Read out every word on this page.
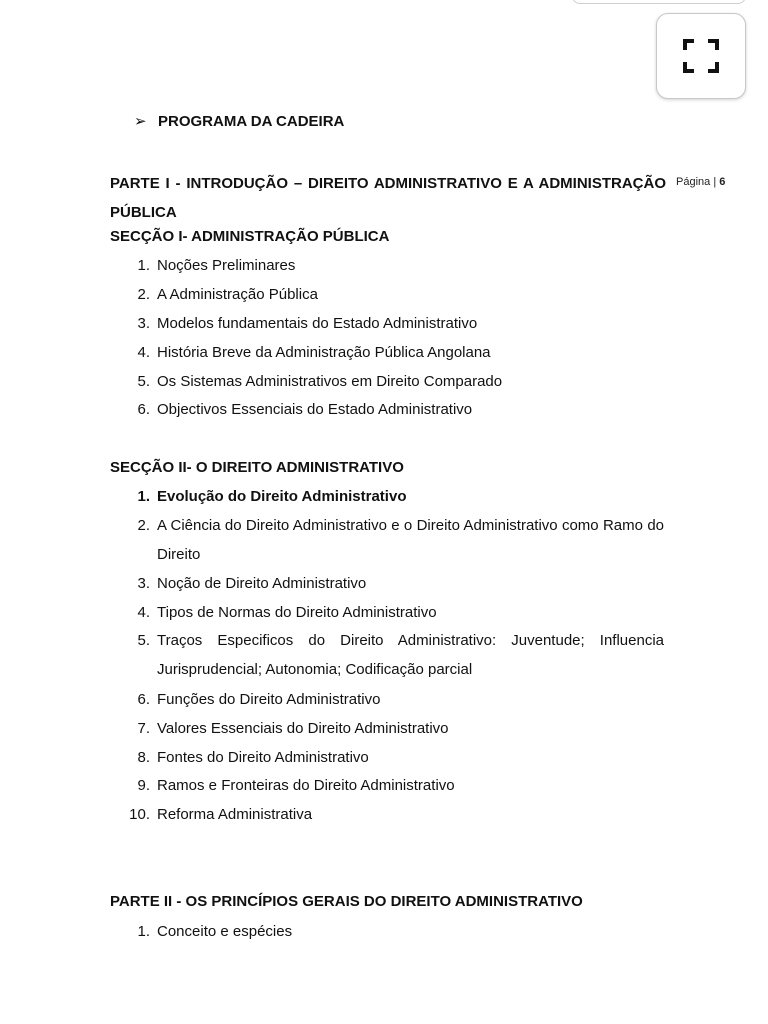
➢ PROGRAMA DA CADEIRA
PARTE I - INTRODUÇÃO – DIREITO ADMINISTRATIVO E A ADMINISTRAÇÃO PÚBLICA
Página | 6
SECÇÃO I- ADMINISTRAÇÃO PÚBLICA
1. Noções Preliminares
2. A Administração Pública
3. Modelos fundamentais do Estado Administrativo
4. História Breve da Administração Pública Angolana
5. Os Sistemas Administrativos em Direito Comparado
6. Objectivos Essenciais do Estado Administrativo
SECÇÃO II- O DIREITO ADMINISTRATIVO
1. Evolução do Direito Administrativo
2. A Ciência do Direito Administrativo e o Direito Administrativo como Ramo do Direito
3. Noção de Direito Administrativo
4. Tipos de Normas do Direito Administrativo
5. Traços Especificos do Direito Administrativo: Juventude; Influencia Jurisprudencial; Autonomia; Codificação parcial
6. Funções do Direito Administrativo
7. Valores Essenciais do Direito Administrativo
8. Fontes do Direito Administrativo
9. Ramos e Fronteiras do Direito Administrativo
10. Reforma Administrativa
PARTE II - OS PRINCÍPIOS GERAIS DO DIREITO ADMINISTRATIVO
1. Conceito e espécies
